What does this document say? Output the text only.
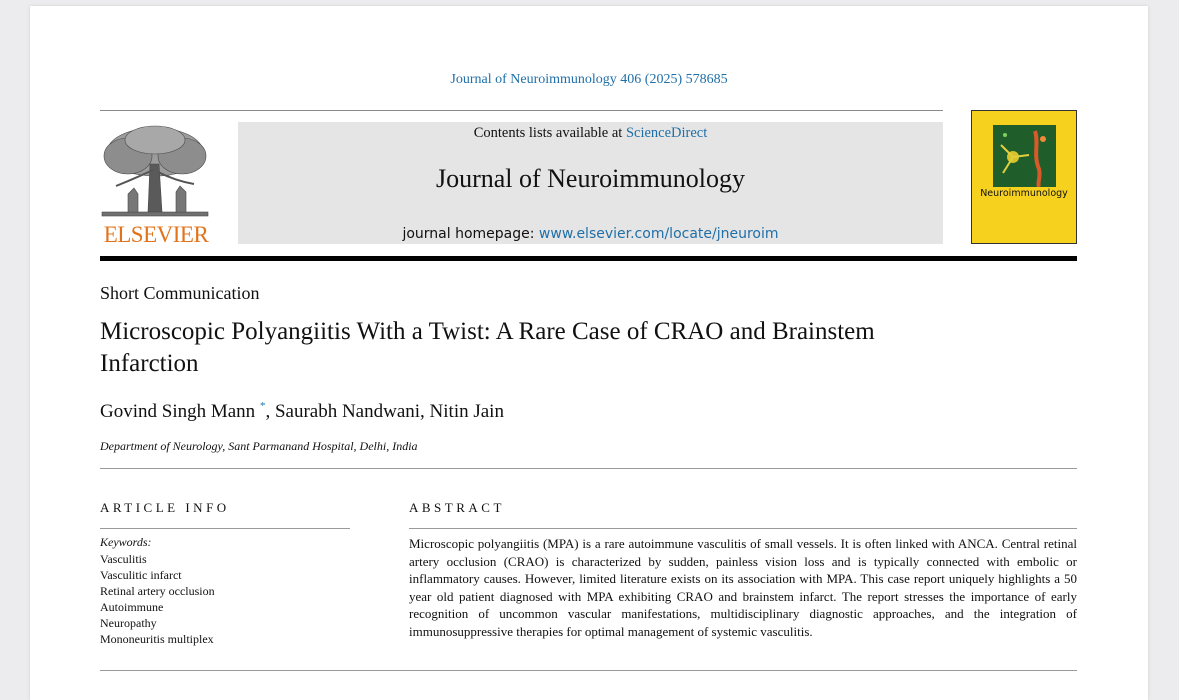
Journal of Neuroimmunology 406 (2025) 578685
ELSEVIER
Contents lists available at ScienceDirect
Journal of Neuroimmunology
journal homepage: www.elsevier.com/locate/jneuroim
Neuroimmunology
Short Communication
Microscopic Polyangiitis With a Twist: A Rare Case of CRAO and Brainstem Infarction
Govind Singh Mann *, Saurabh Nandwani, Nitin Jain
Department of Neurology, Sant Parmanand Hospital, Delhi, India
ARTICLE INFO
Keywords:
Vasculitis
Vasculitic infarct
Retinal artery occlusion
Autoimmune
Neuropathy
Mononeuritis multiplex
ABSTRACT
Microscopic polyangiitis (MPA) is a rare autoimmune vasculitis of small vessels. It is often linked with ANCA. Central retinal artery occlusion (CRAO) is characterized by sudden, painless vision loss and is typically connected with embolic or inflammatory causes. However, limited literature exists on its association with MPA. This case report uniquely highlights a 50 year old patient diagnosed with MPA exhibiting CRAO and brainstem infarct. The report stresses the importance of early recognition of uncommon vascular manifestations, multidisciplinary diagnostic approaches, and the integration of immunosuppressive therapies for optimal management of systemic vasculitis.
